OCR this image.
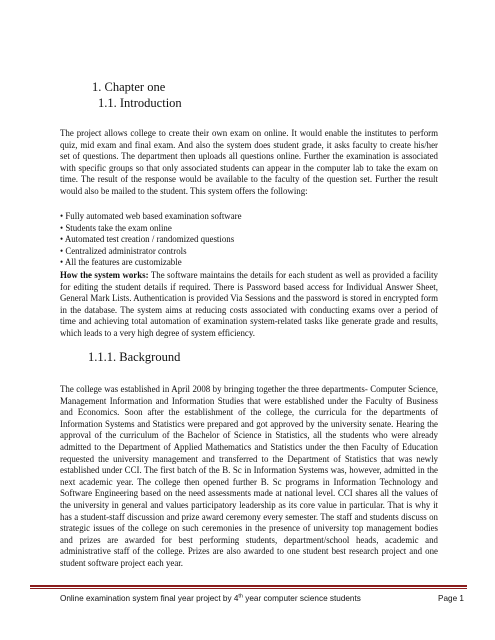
1. Chapter one
1.1. Introduction

The project allows college to create their own exam on online. It would enable the institutes to perform quiz, mid exam and final exam. And also the system does student grade, it asks faculty to create his/her set of questions. The department then uploads all questions online. Further the examination is associated with specific groups so that only associated students can appear in the computer lab to take the exam on time. The result of the response would be available to the faculty of the question set. Further the result would also be mailed to the student. This system offers the following:

• Fully automated web based examination software
• Students take the exam online
• Automated test creation / randomized questions
• Centralized administrator controls
• All the features are customizable

How the system works: The software maintains the details for each student as well as provided a facility for editing the student details if required. There is Password based access for Individual Answer Sheet, General Mark Lists. Authentication is provided Via Sessions and the password is stored in encrypted form in the database. The system aims at reducing costs associated with conducting exams over a period of time and achieving total automation of examination system-related tasks like generate grade and results, which leads to a very high degree of system efficiency.

1.1.1. Background

The college was established in April 2008 by bringing together the three departments- Computer Science, Management Information and Information Studies that were established under the Faculty of Business and Economics. Soon after the establishment of the college, the curricula for the departments of Information Systems and Statistics were prepared and got approved by the university senate. Hearing the approval of the curriculum of the Bachelor of Science in Statistics, all the students who were already admitted to the Department of Applied Mathematics and Statistics under the then Faculty of Education requested the university management and transferred to the Department of Statistics that was newly established under CCI. The first batch of the B. Sc in Information Systems was, however, admitted in the next academic year. The college then opened further B. Sc programs in Information Technology and Software Engineering based on the need assessments made at national level. CCI shares all the values of the university in general and values participatory leadership as its core value in particular. That is why it has a student-staff discussion and prize award ceremony every semester. The staff and students discuss on strategic issues of the college on such ceremonies in the presence of university top management bodies and prizes are awarded for best performing students, department/school heads, academic and administrative staff of the college. Prizes are also awarded to one student best research project and one student software project each year.

Online examination system final year project by 4th year computer science students	Page 1
